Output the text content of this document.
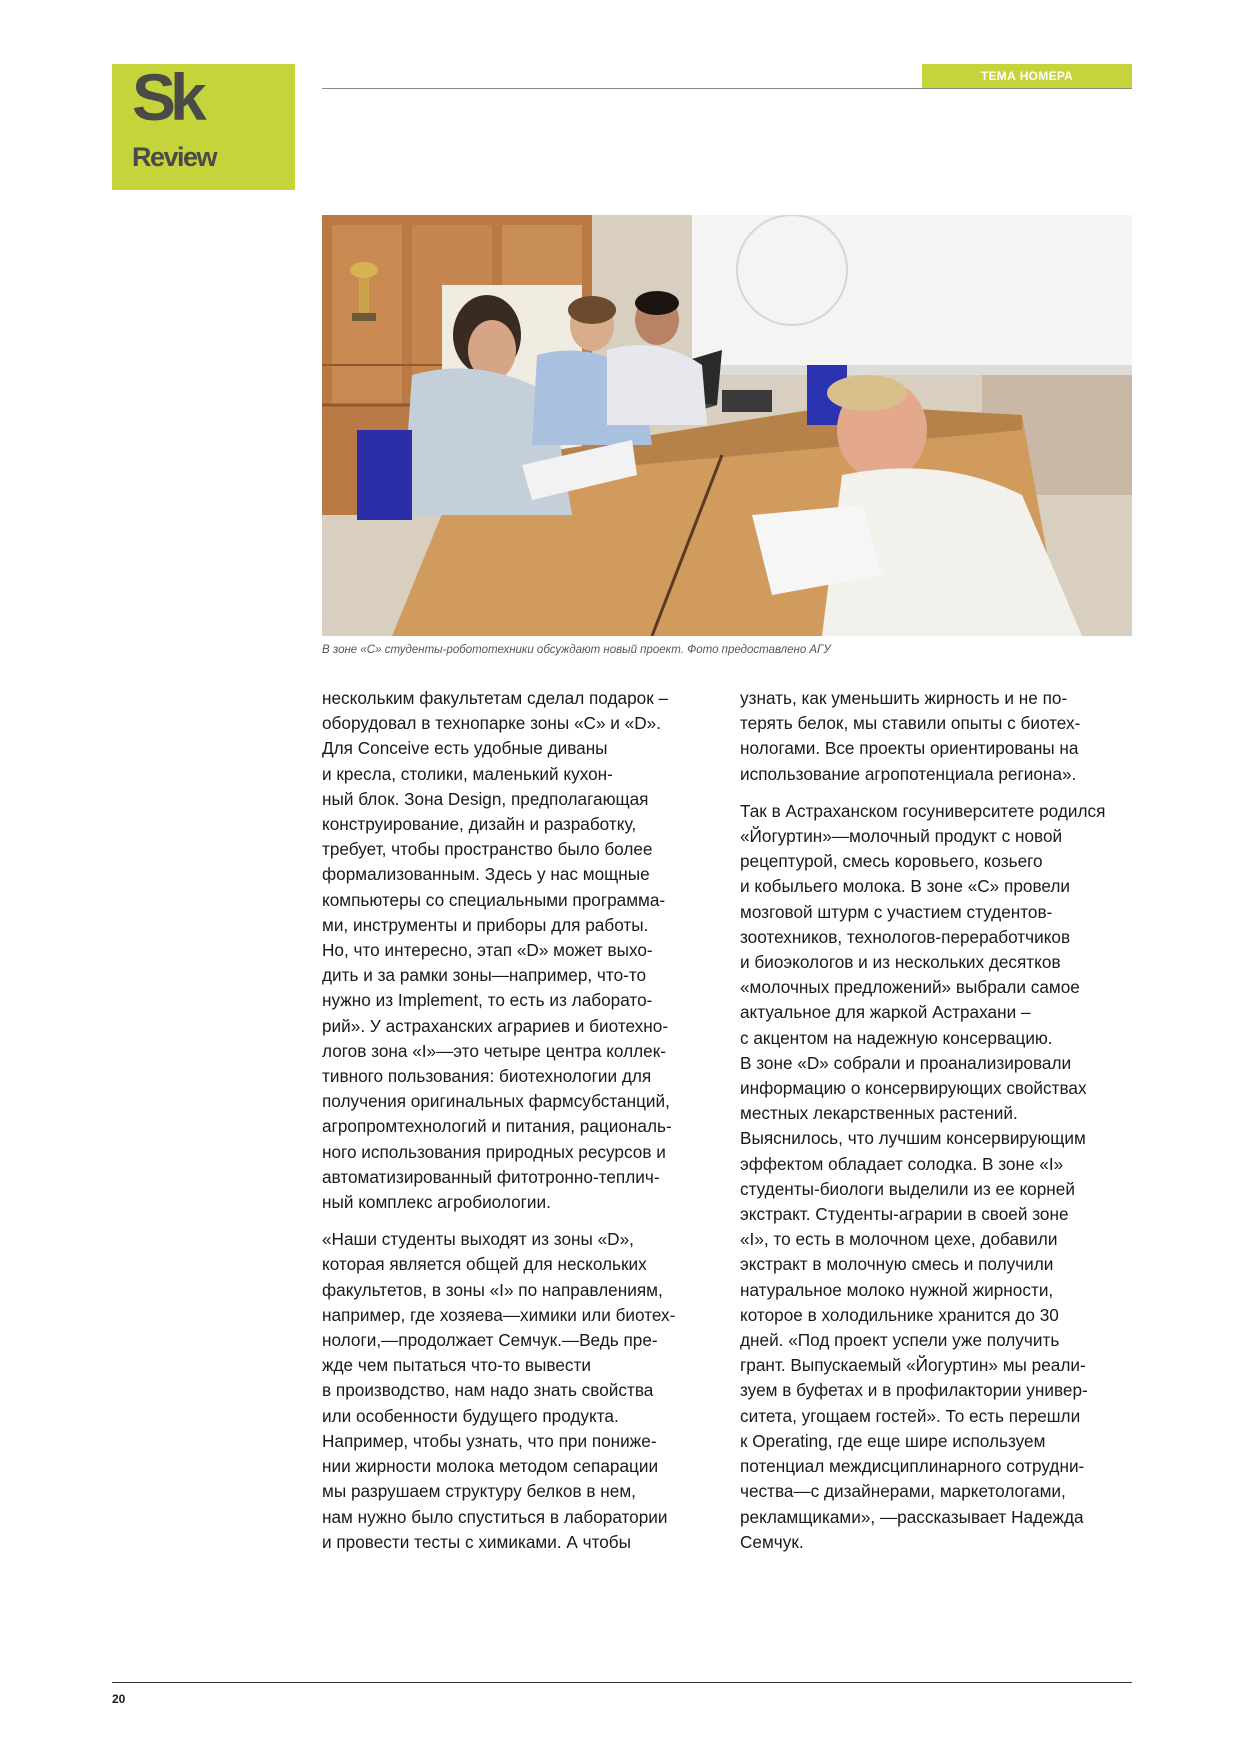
Sk
Review
ТЕМА НОМЕРА
В зоне «C» студенты-робототехники обсуждают новый проект. Фото предоставлено АГУ

нескольким факультетам сделал подарок –
оборудовал в технопарке зоны «C» и «D».
Для Conceive есть удобные диваны
и кресла, столики, маленький кухон-
ный блок. Зона Design, предполагающая
конструирование, дизайн и разработку,
требует, чтобы пространство было более
формализованным. Здесь у нас мощные
компьютеры со специальными программа-
ми, инструменты и приборы для работы.
Но, что интересно, этап «D» может выхо-
дить и за рамки зоны—например, что-то
нужно из Implement, то есть из лаборато-
рий». У астраханских аграриев и биотехно-
логов зона «I»—это четыре центра коллек-
тивного пользования: биотехнологии для
получения оригинальных фармсубстанций,
агропромтехнологий и питания, рациональ-
ного использования природных ресурсов и
автоматизированный фитотронно-теплич-
ный комплекс агробиологии.

«Наши студенты выходят из зоны «D»,
которая является общей для нескольких
факультетов, в зоны «I» по направлениям,
например, где хозяева—химики или биотех-
нологи,—продолжает Семчук.—Ведь пре-
жде чем пытаться что-то вывести
в производство, нам надо знать свойства
или особенности будущего продукта.
Например, чтобы узнать, что при пониже-
нии жирности молока методом сепарации
мы разрушаем структуру белков в нем,
нам нужно было спуститься в лаборатории
и провести тесты с химиками. А чтобы

узнать, как уменьшить жирность и не по-
терять белок, мы ставили опыты с биотех-
нологами. Все проекты ориентированы на
использование агропотенциала региона».

Так в Астраханском госуниверситете родился
«Йогуртин»—молочный продукт с новой
рецептурой, смесь коровьего, козьего
и кобыльего молока. В зоне «C» провели
мозговой штурм с участием студентов-
зоотехников, технологов-переработчиков
и биоэкологов и из нескольких десятков
«молочных предложений» выбрали самое
актуальное для жаркой Астрахани –
с акцентом на надежную консервацию.
В зоне «D» собрали и проанализировали
информацию о консервирующих свойствах
местных лекарственных растений.
Выяснилось, что лучшим консервирующим
эффектом обладает солодка. В зоне «I»
студенты-биологи выделили из ее корней
экстракт. Студенты-аграрии в своей зоне
«I», то есть в молочном цехе, добавили
экстракт в молочную смесь и получили
натуральное молоко нужной жирности,
которое в холодильнике хранится до 30
дней. «Под проект успели уже получить
грант. Выпускаемый «Йогуртин» мы реали-
зуем в буфетах и в профилактории универ-
ситета, угощаем гостей». То есть перешли
к Operating, где еще шире используем
потенциал междисциплинарного сотрудни-
чества—с дизайнерами, маркетологами,
рекламщиками», —рассказывает Надежда
Семчук.

20
